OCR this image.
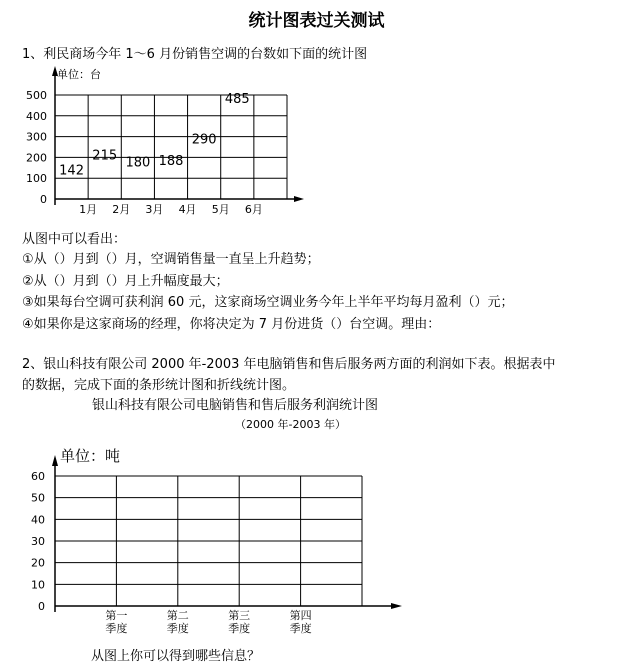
统计图表过关测试
1、利民商场今年 1～6 月份销售空调的台数如下面的统计图
单位：台
0
100
200
300
400
500
1月 2月 3月 4月 5月 6月
142
215 180 188
290
485
0
10
20
30
40
50
60
第一
季度
第二
季度
第三
季度
第四
季度
从图中可以看出：
①从（）月到（）月，空调销售量一直呈上升趋势；
②从（）月到（）月上升幅度最大；
③如果每台空调可获利润 60 元，这家商场空调业务今年上半年平均每月盈利（）元；
④如果你是这家商场的经理，你将决定为 7 月份进货（）台空调。理由：
2、银山科技有限公司 2000 年-2003 年电脑销售和售后服务两方面的利润如下表。根据表中
的数据，完成下面的条形统计图和折线统计图。
银山科技有限公司电脑销售和售后服务利润统计图
（2000 年-2003 年）
单位：吨
从图上你可以得到哪些信息？
